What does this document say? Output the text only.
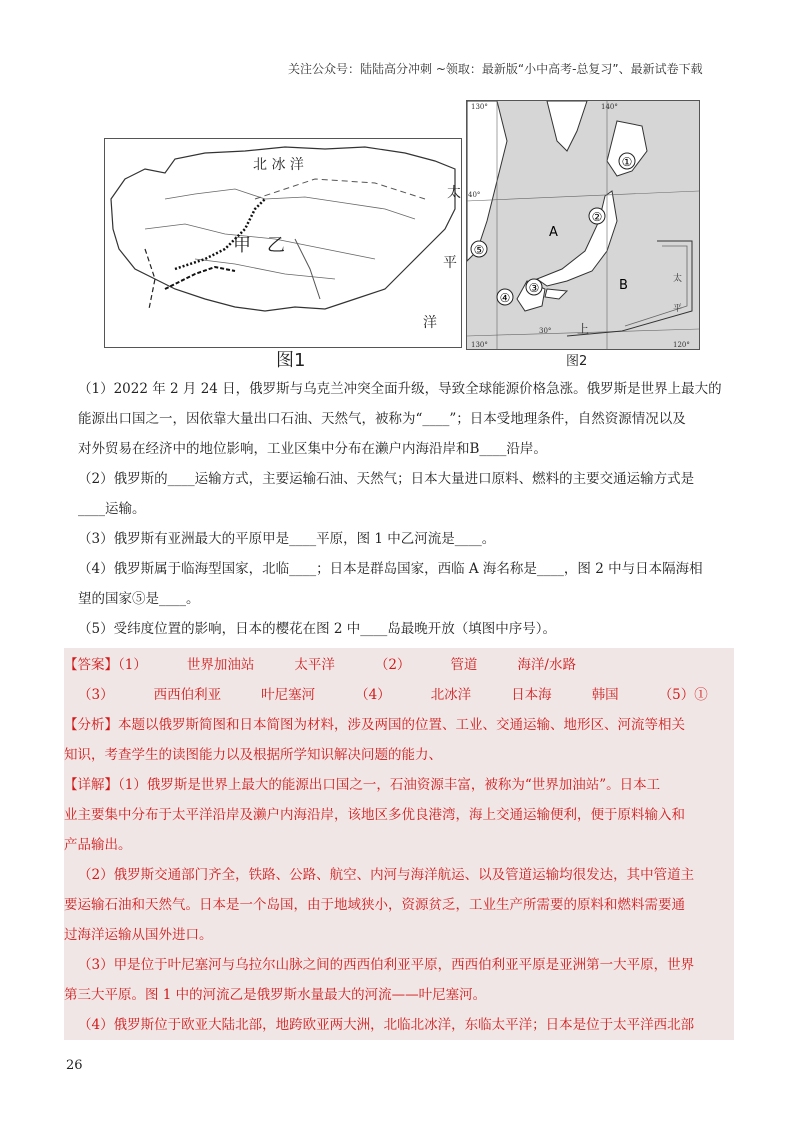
关注公众号：陆陆高分冲刺 ~领取：最新版“小中高考-总复习”、最新试卷下载
北 冰 洋
甲 乙
太
平
洋
图1
①
②
③
④
⑤
A
B
130°	140°
40°
30°
130°	120°
太
平
上
图2

（1）2022 年 2 月 24 日，俄罗斯与乌克兰冲突全面升级，导致全球能源价格急涨。俄罗斯是世界上最大的

能源出口国之一，因依靠大量出口石油、天然气，被称为“____”；日本受地理条件，自然资源情况以及

对外贸易在经济中的地位影响，工业区集中分布在濑户内海沿岸和B____沿岸。

（2）俄罗斯的____运输方式，主要运输石油、天然气；日本大量进口原料、燃料的主要交通运输方式是

____运输。

（3）俄罗斯有亚洲最大的平原甲是____平原，图 1 中乙河流是____。

（4）俄罗斯属于临海型国家，北临____；日本是群岛国家，西临 A 海名称是____，图 2 中与日本隔海相

望的国家⑤是____。

（5）受纬度位置的影响，日本的樱花在图 2 中____岛最晚开放（填图中序号）。

【答案】（1）	世界加油站	太平洋	（2）	管道	海洋/水路
（3）	西西伯利亚	叶尼塞河	（4）	北冰洋	日本海	韩国	（5）①
【分析】本题以俄罗斯简图和日本简图为材料，涉及两国的位置、工业、交通运输、地形区、河流等相关
知识，考查学生的读图能力以及根据所学知识解决问题的能力、
【详解】（1）俄罗斯是世界上最大的能源出口国之一，石油资源丰富，被称为“世界加油站”。日本工
业主要集中分布于太平洋沿岸及濑户内海沿岸，该地区多优良港湾，海上交通运输便利，便于原料输入和
产品输出。
（2）俄罗斯交通部门齐全，铁路、公路、航空、内河与海洋航运、以及管道运输均很发达，其中管道主
要运输石油和天然气。日本是一个岛国，由于地域狭小，资源贫乏，工业生产所需要的原料和燃料需要通
过海洋运输从国外进口。
（3）甲是位于叶尼塞河与乌拉尔山脉之间的西西伯利亚平原，西西伯利亚平原是亚洲第一大平原，世界
第三大平原。图 1 中的河流乙是俄罗斯水量最大的河流——叶尼塞河。
（4）俄罗斯位于欧亚大陆北部，地跨欧亚两大洲，北临北冰洋，东临太平洋；日本是位于太平洋西北部
26
